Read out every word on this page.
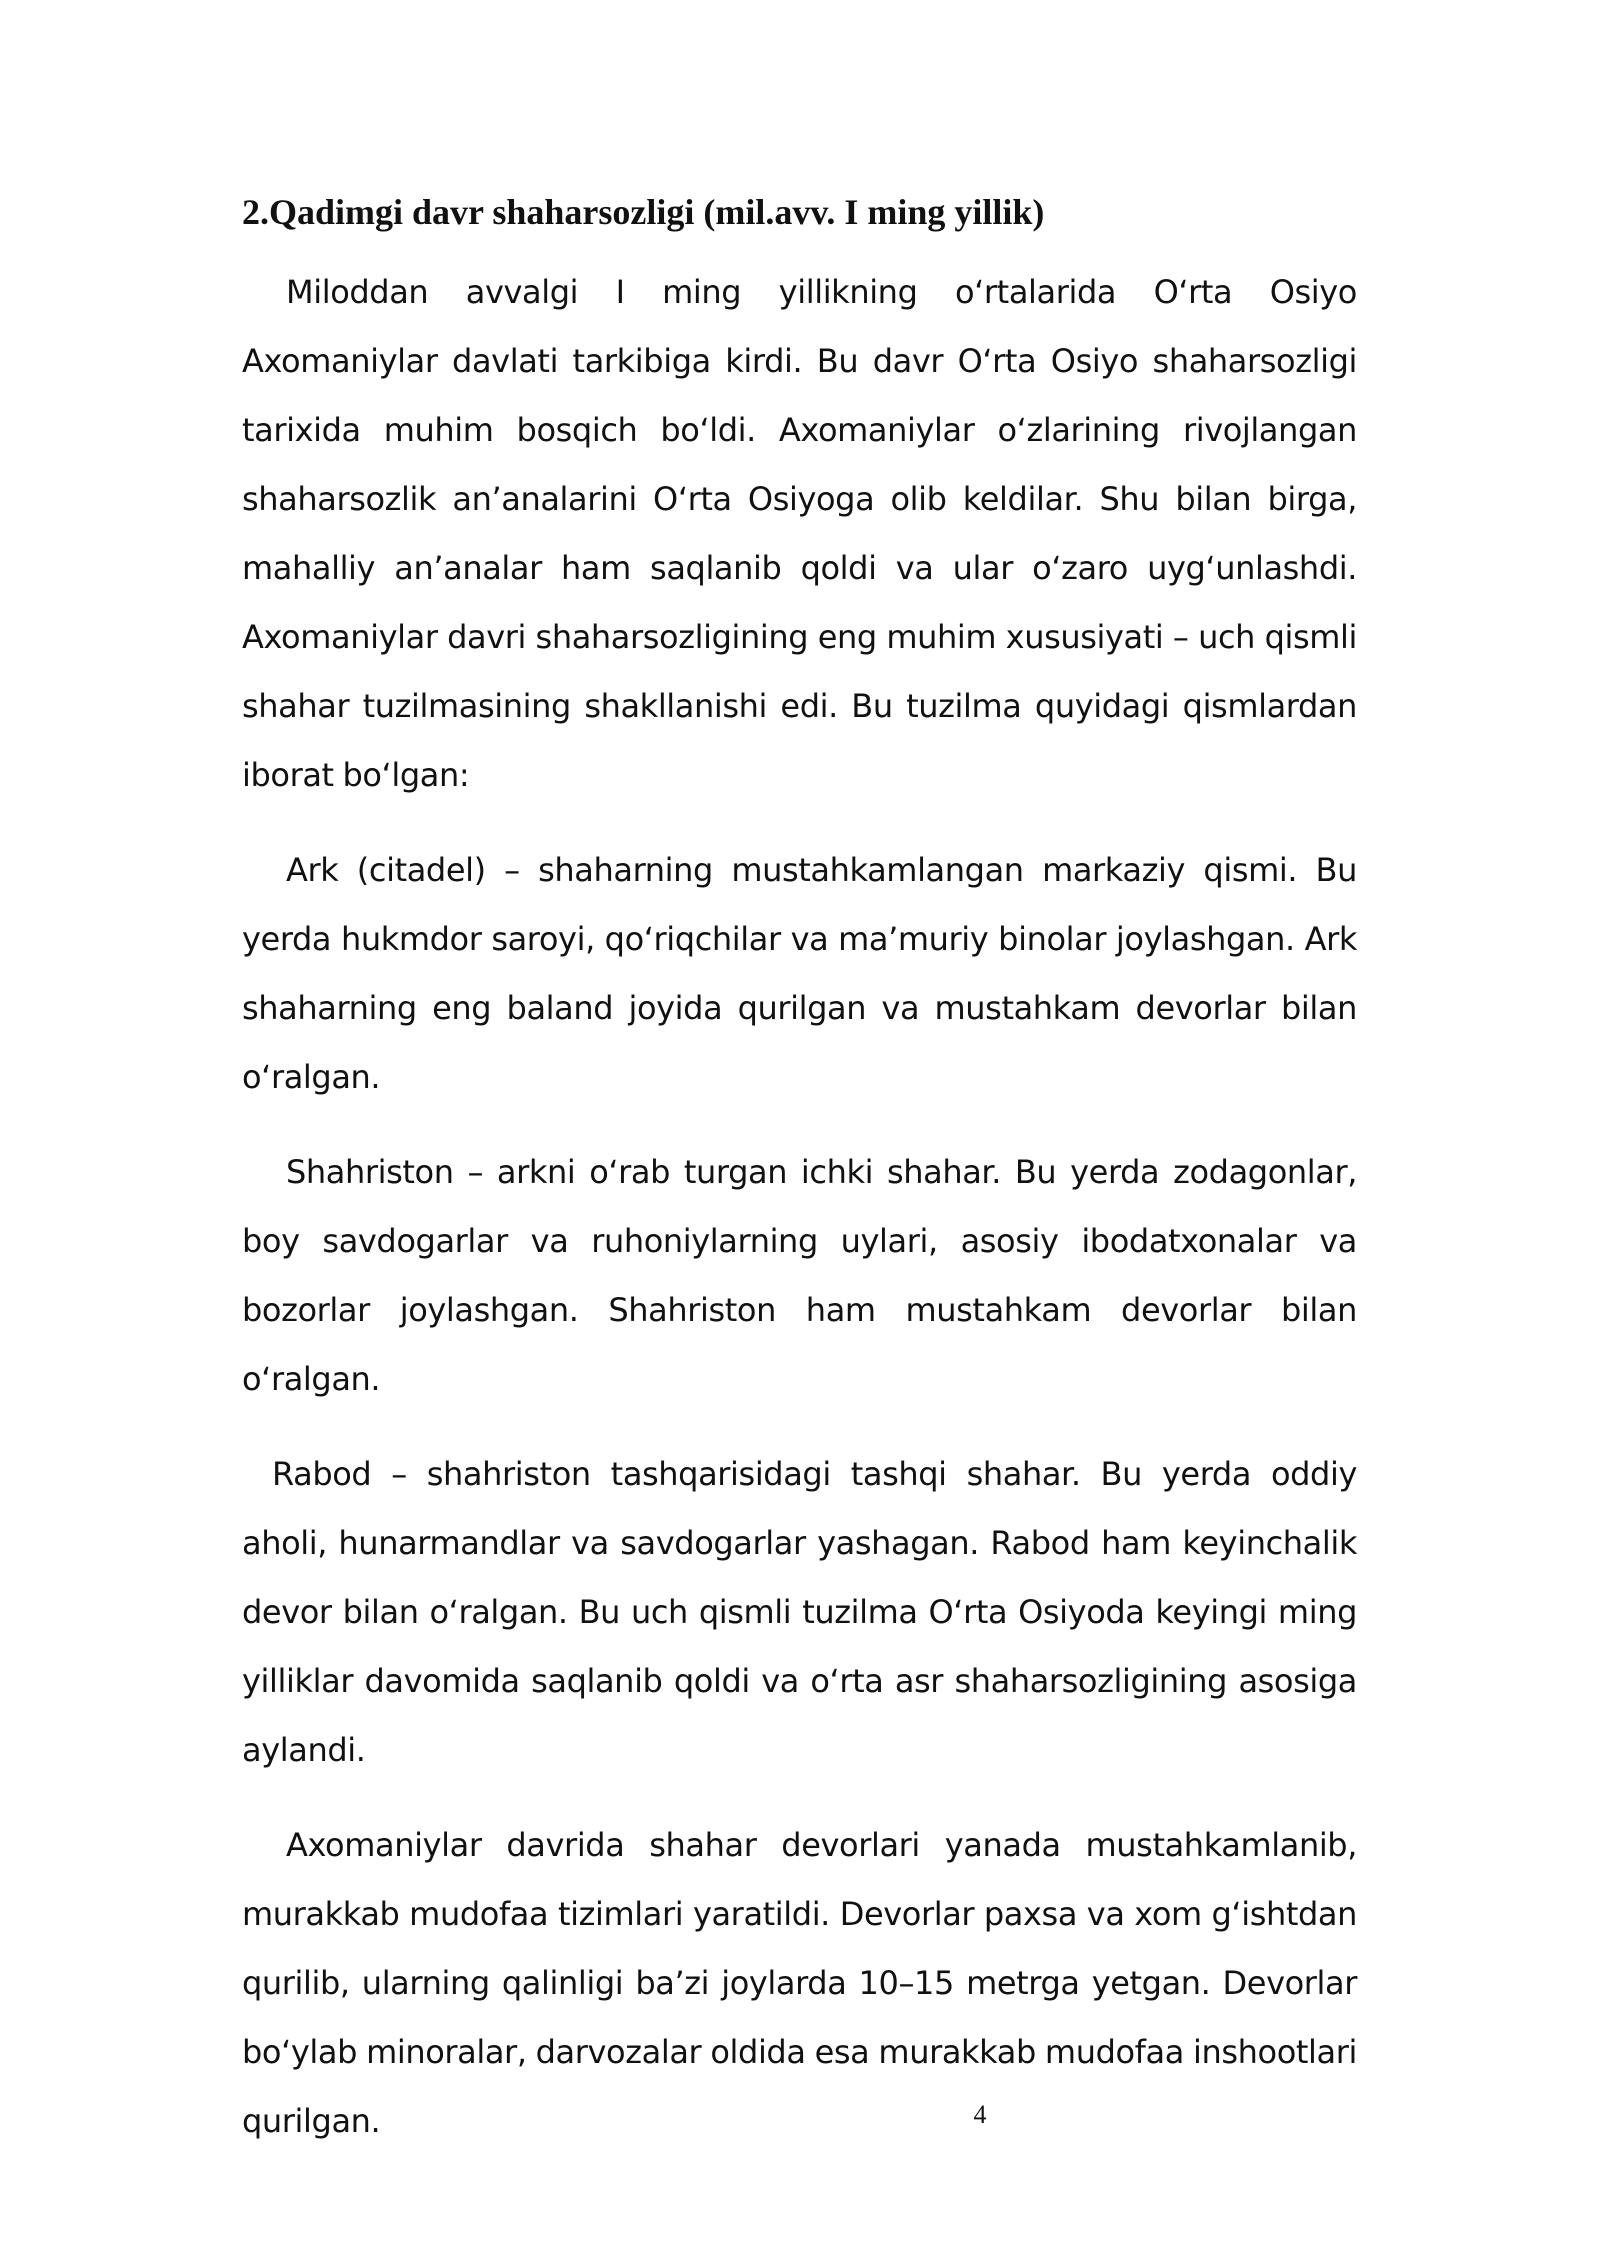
2.Qadimgi davr shaharsozligi (mil.avv. I ming yillik)

Miloddan avvalgi I ming yillikning oʻrtalarida Oʻrta Osiyo Axomaniylar davlati tarkibiga kirdi. Bu davr Oʻrta Osiyo shaharsozligi tarixida muhim bosqich boʻldi. Axomaniylar oʻzlarining rivojlangan shaharsozlik an’analarini Oʻrta Osiyoga olib keldilar. Shu bilan birga, mahalliy an’analar ham saqlanib qoldi va ular oʻzaro uygʻunlashdi. Axomaniylar davri shaharsozligining eng muhim xususiyati – uch qismli shahar tuzilmasining shakllanishi edi. Bu tuzilma quyidagi qismlardan iborat boʻlgan:

Ark (citadel) – shaharning mustahkamlangan markaziy qismi. Bu yerda hukmdor saroyi, qoʻriqchilar va ma’muriy binolar joylashgan. Ark shaharning eng baland joyida qurilgan va mustahkam devorlar bilan oʻralgan.

Shahriston – arkni oʻrab turgan ichki shahar. Bu yerda zodagonlar, boy savdogarlar va ruhoniylarning uylari, asosiy ibodatxonalar va bozorlar joylashgan. Shahriston ham mustahkam devorlar bilan oʻralgan.

Rabod – shahriston tashqarisidagi tashqi shahar. Bu yerda oddiy aholi, hunarmandlar va savdogarlar yashagan. Rabod ham keyinchalik devor bilan oʻralgan. Bu uch qismli tuzilma Oʻrta Osiyoda keyingi ming yilliklar davomida saqlanib qoldi va oʻrta asr shaharsozligining asosiga aylandi.

Axomaniylar davrida shahar devorlari yanada mustahkamlanib, murakkab mudofaa tizimlari yaratildi. Devorlar paxsa va xom gʻishtdan qurilib, ularning qalinligi ba’zi joylarda 10–15 metrga yetgan. Devorlar boʻylab minoralar, darvozalar oldida esa murakkab mudofaa inshootlari qurilgan.	4
